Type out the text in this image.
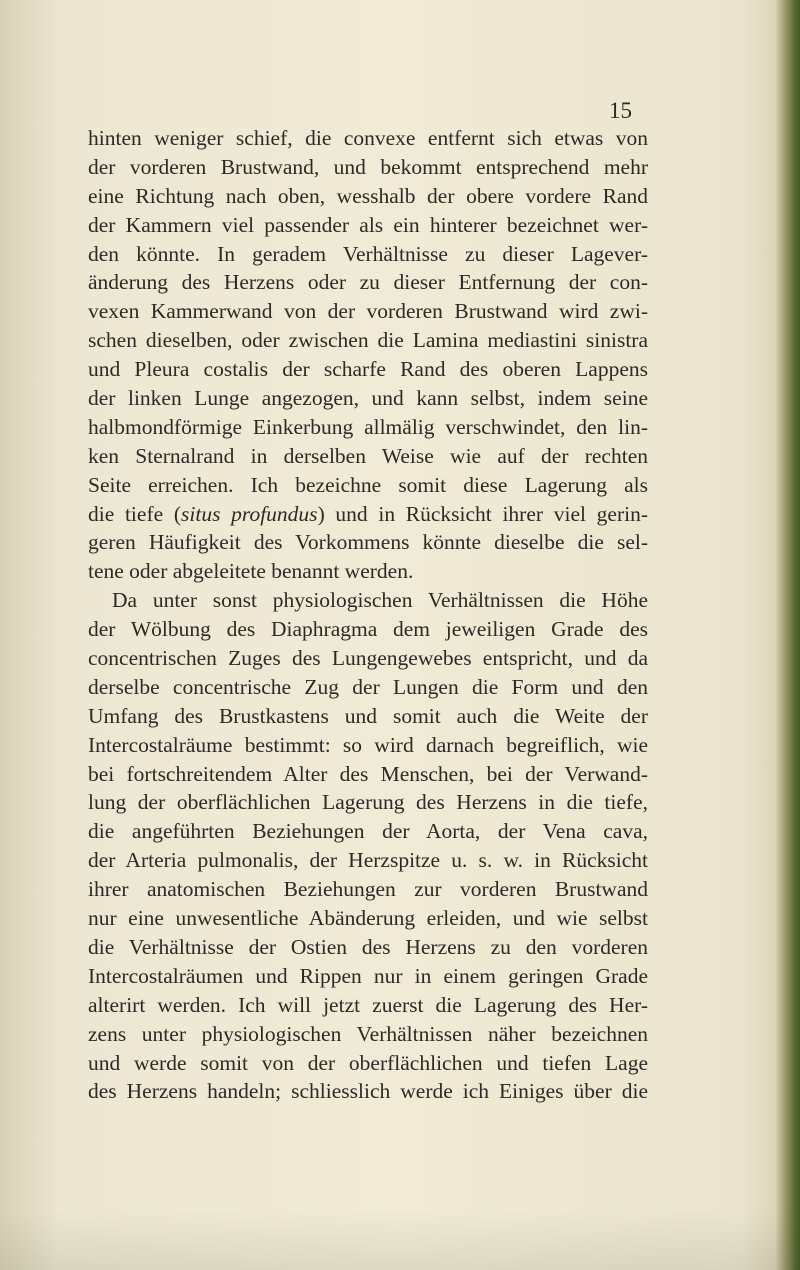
15
hinten weniger schief, die convexe entfernt sich etwas von
der vorderen Brustwand, und bekommt entsprechend mehr
eine Richtung nach oben, wesshalb der obere vordere Rand
der Kammern viel passender als ein hinterer bezeichnet wer-
den könnte. In geradem Verhältnisse zu dieser Lagever-
änderung des Herzens oder zu dieser Entfernung der con-
vexen Kammerwand von der vorderen Brustwand wird zwi-
schen dieselben, oder zwischen die Lamina mediastini sinistra
und Pleura costalis der scharfe Rand des oberen Lappens
der linken Lunge angezogen, und kann selbst, indem seine
halbmondförmige Einkerbung allmälig verschwindet, den lin-
ken Sternalrand in derselben Weise wie auf der rechten
Seite erreichen. Ich bezeichne somit diese Lagerung als
die tiefe (situs profundus) und in Rücksicht ihrer viel gerin-
geren Häufigkeit des Vorkommens könnte dieselbe die sel-
tene oder abgeleitete benannt werden.
Da unter sonst physiologischen Verhältnissen die Höhe
der Wölbung des Diaphragma dem jeweiligen Grade des
concentrischen Zuges des Lungengewebes entspricht, und da
derselbe concentrische Zug der Lungen die Form und den
Umfang des Brustkastens und somit auch die Weite der
Intercostalräume bestimmt: so wird darnach begreiflich, wie
bei fortschreitendem Alter des Menschen, bei der Verwand-
lung der oberflächlichen Lagerung des Herzens in die tiefe,
die angeführten Beziehungen der Aorta, der Vena cava,
der Arteria pulmonalis, der Herzspitze u. s. w. in Rücksicht
ihrer anatomischen Beziehungen zur vorderen Brustwand
nur eine unwesentliche Abänderung erleiden, und wie selbst
die Verhältnisse der Ostien des Herzens zu den vorderen
Intercostalräumen und Rippen nur in einem geringen Grade
alterirt werden. Ich will jetzt zuerst die Lagerung des Her-
zens unter physiologischen Verhältnissen näher bezeichnen
und werde somit von der oberflächlichen und tiefen Lage
des Herzens handeln; schliesslich werde ich Einiges über die
